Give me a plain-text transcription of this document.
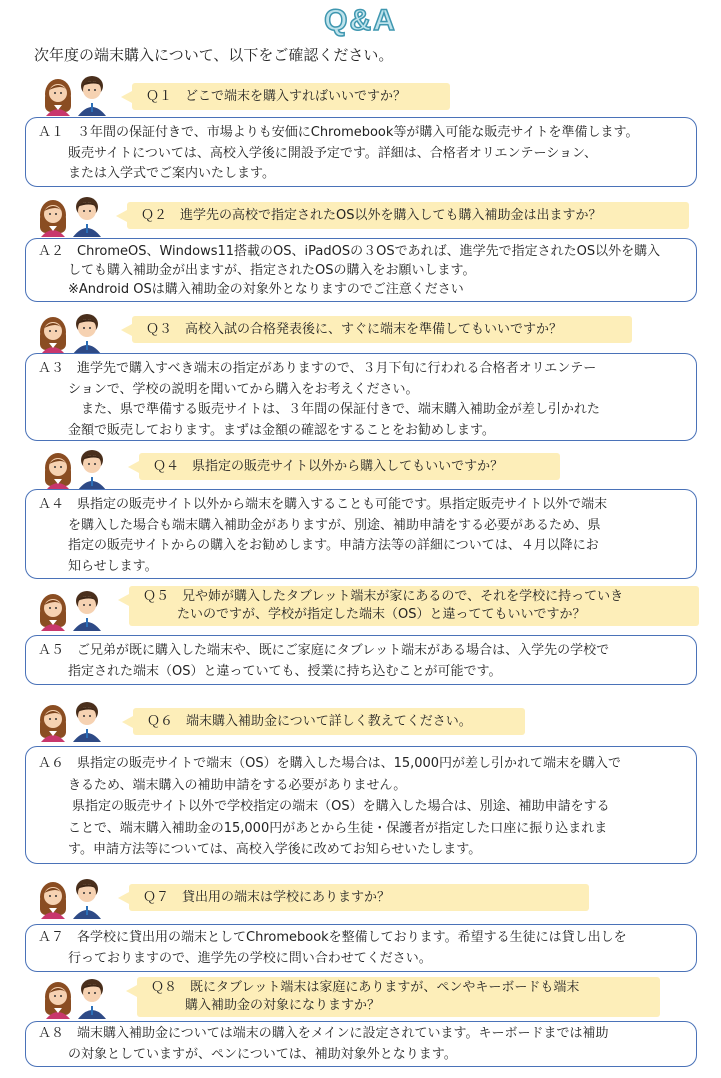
Q&A
次年度の端末購入について、以下をご確認ください。
Ｑ１　どこで端末を購入すればいいですか？
Ａ１　３年間の保証付きで、市場よりも安価にChromebook等が購入可能な販売サイトを準備します。
販売サイトについては、高校入学後に開設予定です。詳細は、合格者オリエンテーション、
または入学式でご案内いたします。
Ｑ２　進学先の高校で指定されたOS以外を購入しても購入補助金は出ますか？
Ａ２　ChromeOS、Windows11搭載のOS、iPadOSの３OSであれば、進学先で指定されたOS以外を購入
しても購入補助金が出ますが、指定されたOSの購入をお願いします。
※Android OSは購入補助金の対象外となりますのでご注意ください
Ｑ３　高校入試の合格発表後に、すぐに端末を準備してもいいですか？
Ａ３　進学先で購入すべき端末の指定がありますので、３月下旬に行われる合格者オリエンテー
ションで、学校の説明を聞いてから購入をお考えください。
　また、県で準備する販売サイトは、３年間の保証付きで、端末購入補助金が差し引かれた
金額で販売しております。まずは金額の確認をすることをお勧めします。
Ｑ４　県指定の販売サイト以外から購入してもいいですか？
Ａ４　県指定の販売サイト以外から端末を購入することも可能です。県指定販売サイト以外で端末
を購入した場合も端末購入補助金がありますが、別途、補助申請をする必要があるため、県
指定の販売サイトからの購入をお勧めします。申請方法等の詳細については、４月以降にお
知らせします。
Ｑ５　兄や姉が購入したタブレット端末が家にあるので、それを学校に持っていき
たいのですが、学校が指定した端末（OS）と違っててもいいですか？
Ａ５　ご兄弟が既に購入した端末や、既にご家庭にタブレット端末がある場合は、入学先の学校で
指定された端末（OS）と違っていても、授業に持ち込むことが可能です。
Ｑ６　端末購入補助金について詳しく教えてください。
Ａ６　県指定の販売サイトで端末（OS）を購入した場合は、15,000円が差し引かれて端末を購入で
きるため、端末購入の補助申請をする必要がありません。
県指定の販売サイト以外で学校指定の端末（OS）を購入した場合は、別途、補助申請をする
ことで、端末購入補助金の15,000円があとから生徒・保護者が指定した口座に振り込まれま
す。申請方法等については、高校入学後に改めてお知らせいたします。
Ｑ７　貸出用の端末は学校にありますか？
Ａ７　各学校に貸出用の端末としてChromebookを整備しております。希望する生徒には貸し出しを
行っておりますので、進学先の学校に問い合わせてください。
Ｑ８　既にタブレット端末は家庭にありますが、ペンやキーボードも端末
購入補助金の対象になりますか？
Ａ８　端末購入補助金については端末の購入をメインに設定されています。キーボードまでは補助
の対象としていますが、ペンについては、補助対象外となります。
